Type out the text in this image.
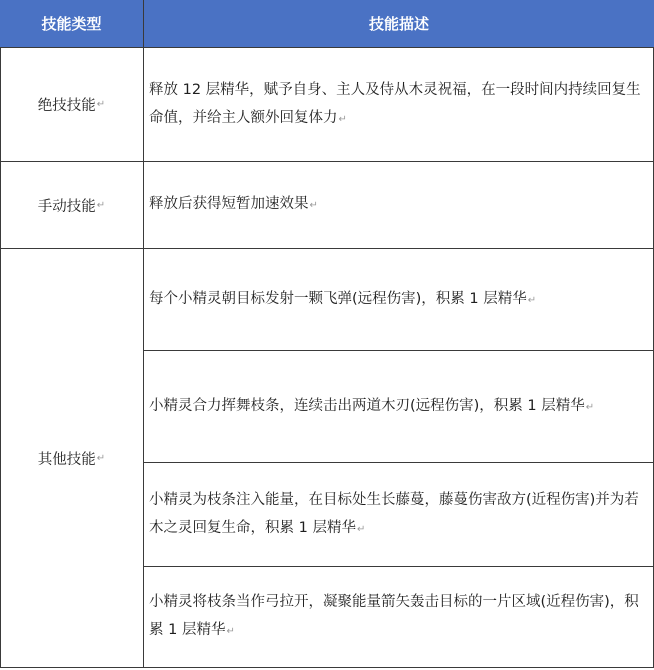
技能类型	技能描述
绝技技能 ↵
手动技能 ↵
其他技能 ↵
释放 12 层精华，赋予自身、主人及侍从木灵祝福，在一段时间内持续回复生命值，并给主人额外回复体力↵
释放后获得短暂加速效果↵
每个小精灵朝目标发射一颗飞弹(远程伤害)，积累 1 层精华↵
小精灵合力挥舞枝条，连续击出两道木刃(远程伤害)，积累 1 层精华↵
小精灵为枝条注入能量，在目标处生长藤蔓，藤蔓伤害敌方(近程伤害)并为若木之灵回复生命，积累 1 层精华↵
小精灵将枝条当作弓拉开，凝聚能量箭矢轰击目标的一片区域(近程伤害)，积累 1 层精华↵
